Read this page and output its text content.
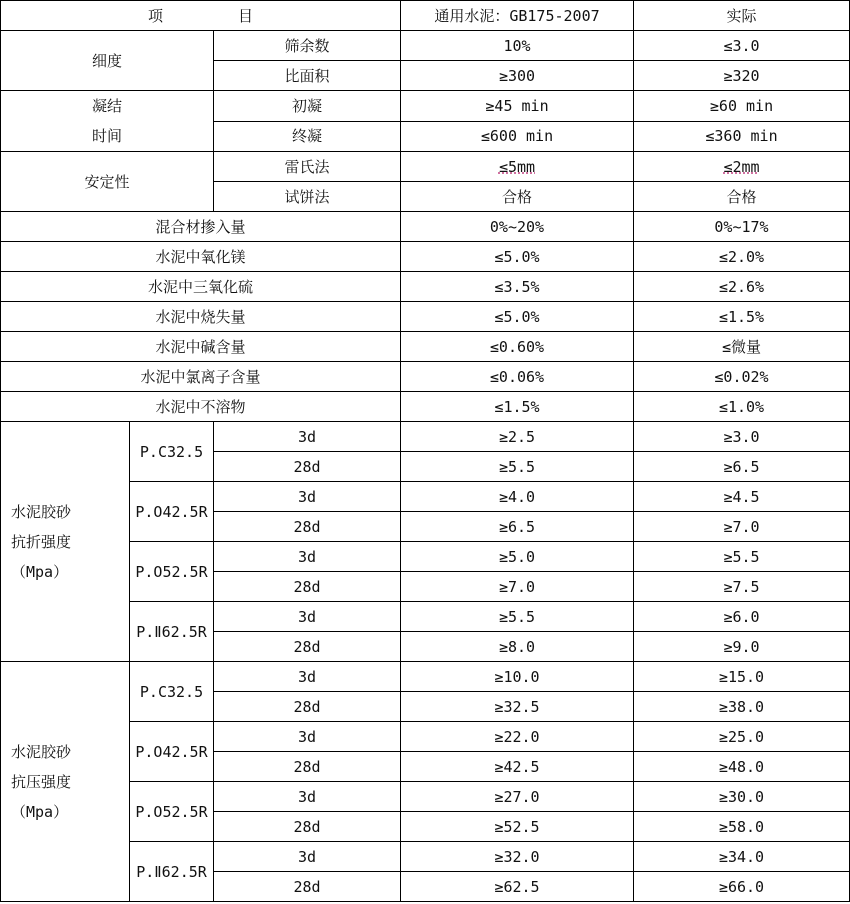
项　　　　　目			通用水泥：GB175-2007	实际
细度		筛余数	10%	≤3.0
		比面积	≥300	≥320
凝结
时间		初凝	≥45 min	≥60 min
		终凝	≤600 min	≤360 min
安定性		雷氏法	≤5mm	≤2mm
		试饼法	合格	合格
混合材掺入量			0%~20%	0%~17%
水泥中氧化镁			≤5.0%	≤2.0%
水泥中三氧化硫			≤3.5%	≤2.6%
水泥中烧失量			≤5.0%	≤1.5%
水泥中碱含量			≤0.60%	≤微量
水泥中氯离子含量			≤0.06%	≤0.02%
水泥中不溶物			≤1.5%	≤1.0%
水泥胶砂
抗折强度
（Mpa）	P.C32.5	3d	≥2.5	≥3.0
		28d	≥5.5	≥6.5
	P.O42.5R	3d	≥4.0	≥4.5
		28d	≥6.5	≥7.0
	P.O52.5R	3d	≥5.0	≥5.5
		28d	≥7.0	≥7.5
	P.Ⅱ62.5R	3d	≥5.5	≥6.0
		28d	≥8.0	≥9.0
水泥胶砂
抗压强度
（Mpa）	P.C32.5	3d	≥10.0	≥15.0
		28d	≥32.5	≥38.0
	P.O42.5R	3d	≥22.0	≥25.0
		28d	≥42.5	≥48.0
	P.O52.5R	3d	≥27.0	≥30.0
		28d	≥52.5	≥58.0
	P.Ⅱ62.5R	3d	≥32.0	≥34.0
		28d	≥62.5	≥66.0
